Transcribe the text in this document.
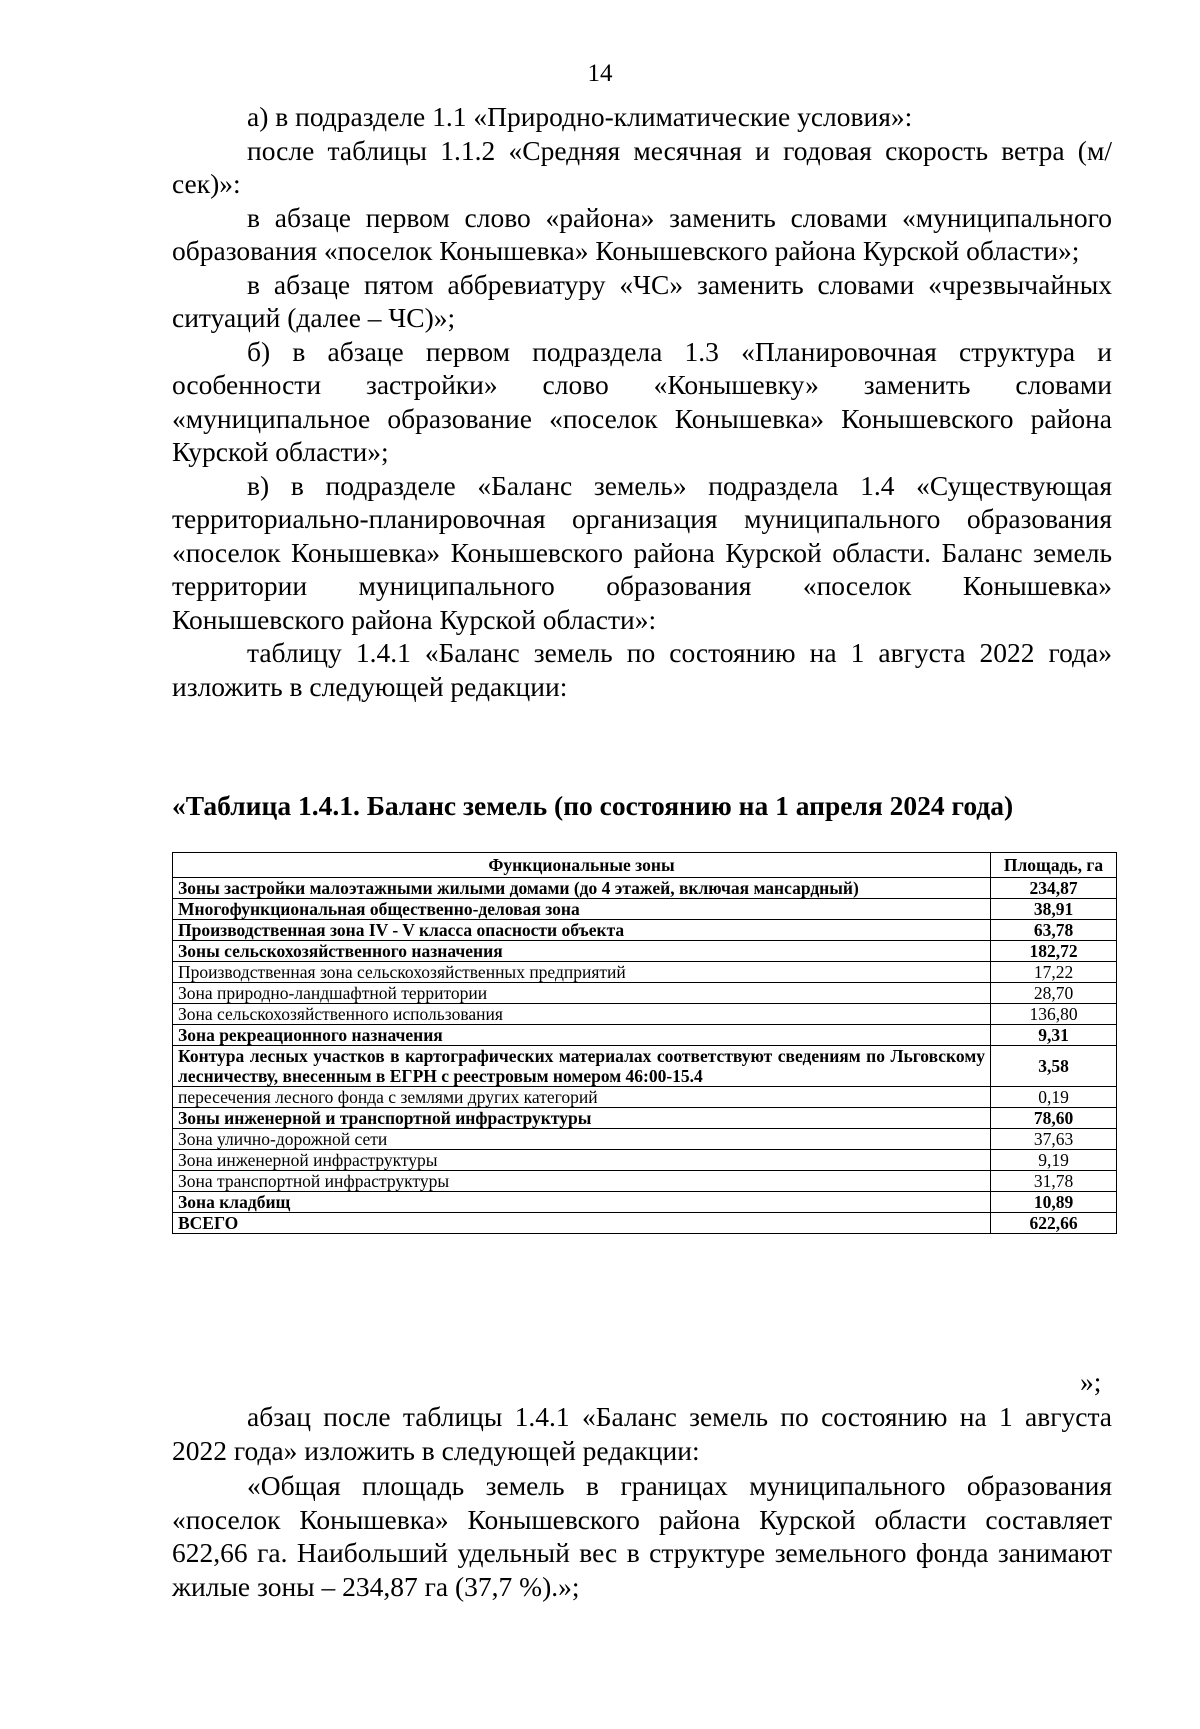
14

а) в подразделе 1.1 «Природно-климатические условия»:

после таблицы 1.1.2 «Средняя месячная и годовая скорость ветра (м/сек)»:

в абзаце первом слово «района» заменить словами «муниципального образования «поселок Конышевка» Конышевского района Курской области»;

в абзаце пятом аббревиатуру «ЧС» заменить словами «чрезвычайных ситуаций (далее – ЧС)»;

б) в абзаце первом подраздела 1.3 «Планировочная структура и особенности застройки» слово «Конышевку» заменить словами «муниципальное образование «поселок Конышевка» Конышевского района Курской области»;

в) в подразделе «Баланс земель» подраздела 1.4 «Существующая территориально-планировочная организация муниципального образования «поселок Конышевка» Конышевского района Курской области. Баланс земель территории муниципального образования «поселок Конышевка» Конышевского района Курской области»:

таблицу 1.4.1 «Баланс земель по состоянию на 1 августа 2022 года» изложить в следующей редакции:

«Таблица 1.4.1. Баланс земель (по состоянию на 1 апреля 2024 года)
Функциональные зоны	Площадь, га
Зоны застройки малоэтажными жилыми домами (до 4 этажей, включая мансардный)	234,87
Многофункциональная общественно-деловая зона	38,91
Производственная зона IV - V класса опасности объекта	63,78
Зоны сельскохозяйственного назначения	182,72
Производственная зона сельскохозяйственных предприятий	17,22
Зона природно-ландшафтной территории	28,70
Зона сельскохозяйственного использования	136,80
Зона рекреационного назначения	9,31
Контура лесных участков в картографических материалах соответствуют сведениям по Льговскому лесничеству, внесенным в ЕГРН с реестровым номером 46:00-15.4	3,58
пересечения лесного фонда с землями других категорий	0,19
Зоны инженерной и транспортной инфраструктуры	78,60
Зона улично-дорожной сети	37,63
Зона инженерной инфраструктуры	9,19
Зона транспортной инфраструктуры	31,78
Зона кладбищ	10,89
ВСЕГО	622,66
»;

абзац после таблицы 1.4.1 «Баланс земель по состоянию на 1 августа 2022 года» изложить в следующей редакции:

«Общая площадь земель в границах муниципального образования «поселок Конышевка» Конышевского района Курской области составляет 622,66 га. Наибольший удельный вес в структуре земельного фонда занимают жилые зоны – 234,87 га (37,7 %).»;
